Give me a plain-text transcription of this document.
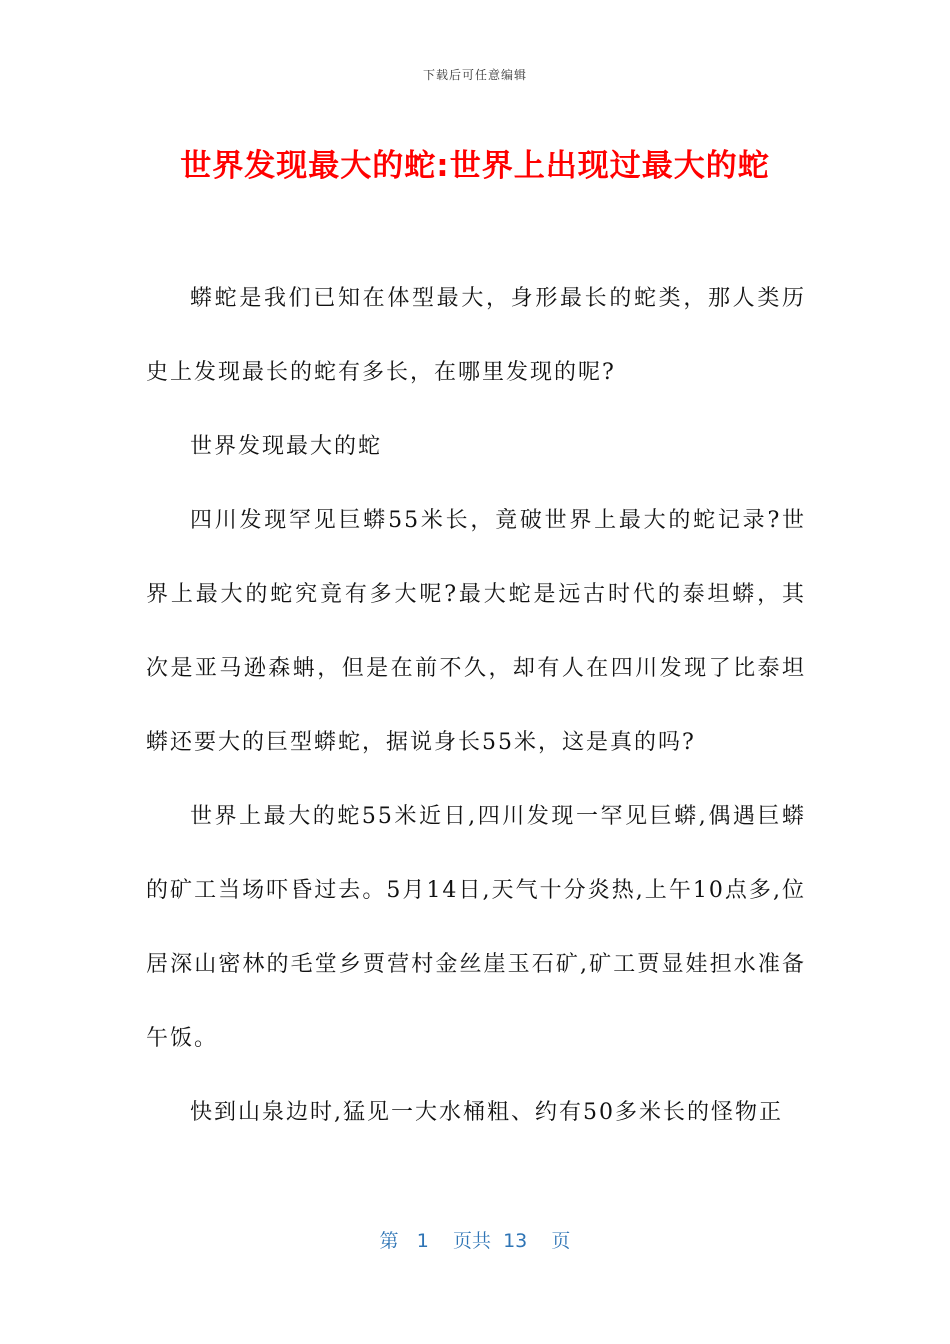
下载后可任意编辑
世界发现最大的蛇:世界上出现过最大的蛇

蟒蛇是我们已知在体型最大，身形最长的蛇类，那人类历史上发现最长的蛇有多长，在哪里发现的呢?

世界发现最大的蛇

四川发现罕见巨蟒55米长，竟破世界上最大的蛇记录?世界上最大的蛇究竟有多大呢?最大蛇是远古时代的泰坦蟒，其次是亚马逊森蚺，但是在前不久，却有人在四川发现了比泰坦蟒还要大的巨型蟒蛇，据说身长55米，这是真的吗?

世界上最大的蛇55米近日,四川发现一罕见巨蟒,偶遇巨蟒的矿工当场吓昏过去。5月14日,天气十分炎热,上午10点多,位居深山密林的毛堂乡贾营村金丝崖玉石矿,矿工贾显娃担水准备午饭。

快到山泉边时,猛见一大水桶粗、约有50多米长的怪物正

第 1 页共 13 页
